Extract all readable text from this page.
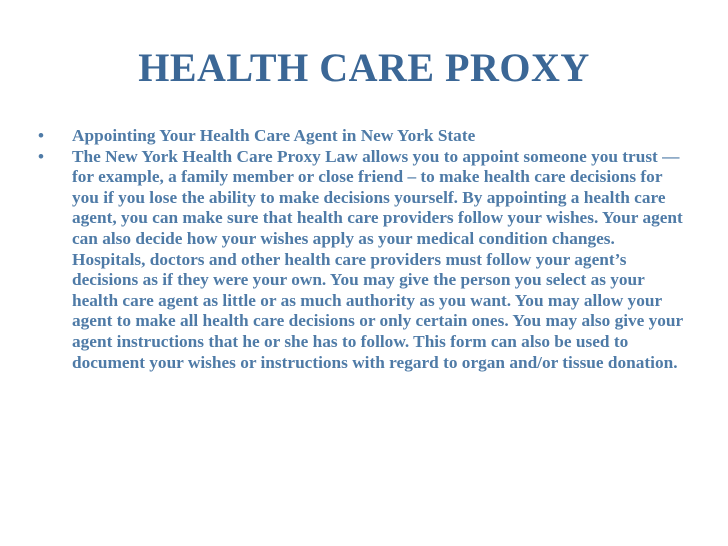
HEALTH CARE PROXY
•	Appointing Your Health Care Agent in New York State
•	The New York Health Care Proxy Law allows you to appoint someone you trust — for example, a family member or close friend – to make health care decisions for you if you lose the ability to make decisions yourself. By appointing a health care agent, you can make sure that health care providers follow your wishes. Your agent can also decide how your wishes apply as your medical condition changes. Hospitals, doctors and other health care providers must follow your agent’s decisions as if they were your own. You may give the person you select as your health care agent as little or as much authority as you want. You may allow your agent to make all health care decisions or only certain ones. You may also give your agent instructions that he or she has to follow. This form can also be used to document your wishes or instructions with regard to organ and/or tissue donation.
